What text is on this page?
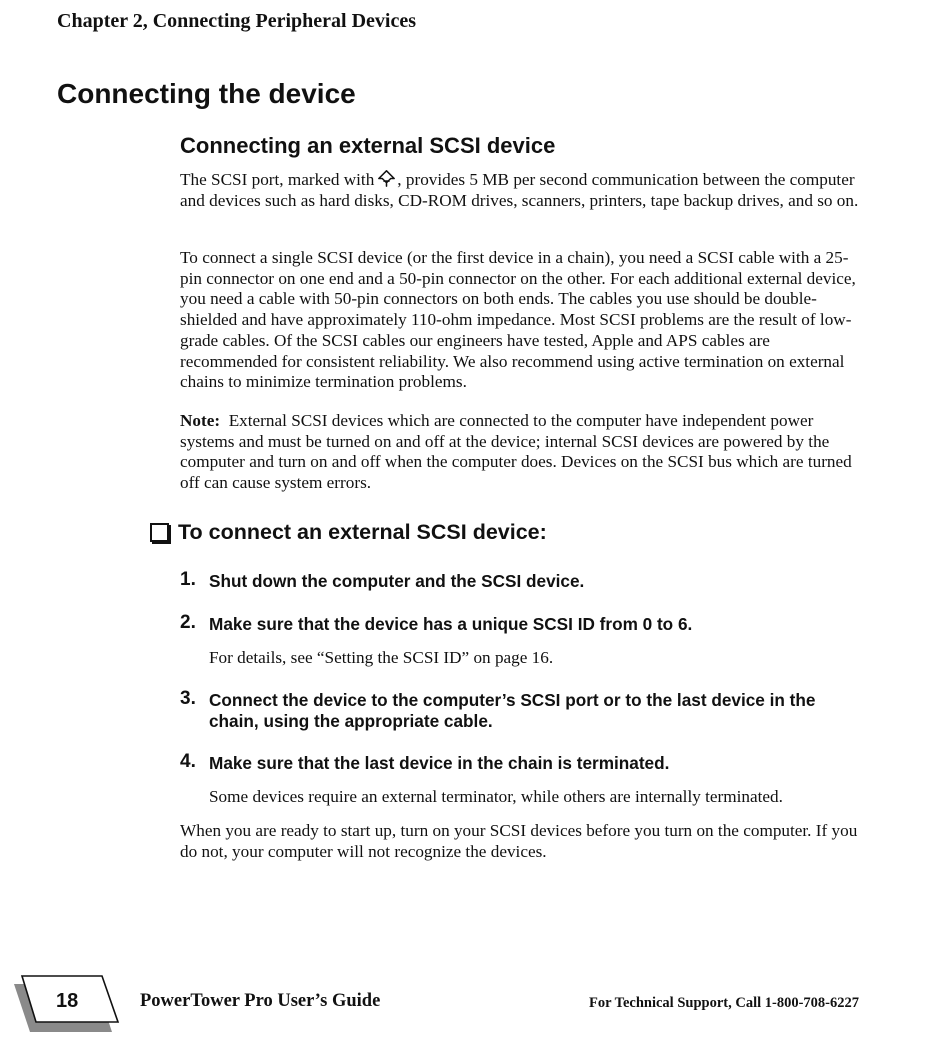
Chapter 2, Connecting Peripheral Devices
Connecting the device
Connecting an external SCSI device

The SCSI port, marked with , provides 5 MB per second communication between the computer and devices such as hard disks, CD-ROM drives, scanners, printers, tape backup drives, and so on.

To connect a single SCSI device (or the first device in a chain), you need a SCSI cable with a 25-pin connector on one end and a 50-pin connector on the other. For each additional external device, you need a cable with 50-pin connectors on both ends. The cables you use should be double-shielded and have approximately 110-ohm impedance. Most SCSI problems are the result of low-grade cables. Of the SCSI cables our engineers have tested, Apple and APS cables are recommended for consistent reliability. We also recommend using active termination on external chains to minimize termination problems.

Note: External SCSI devices which are connected to the computer have independent power systems and must be turned on and off at the device; internal SCSI devices are powered by the computer and turn on and off when the computer does. Devices on the SCSI bus which are turned off can cause system errors.

To connect an external SCSI device:
1. Shut down the computer and the SCSI device.
2. Make sure that the device has a unique SCSI ID from 0 to 6.
For details, see “Setting the SCSI ID” on page 16.
3. Connect the device to the computer’s SCSI port or to the last device in the chain, using the appropriate cable.
4. Make sure that the last device in the chain is terminated.
Some devices require an external terminator, while others are internally terminated.

When you are ready to start up, turn on your SCSI devices before you turn on the computer. If you do not, your computer will not recognize the devices.

18	PowerTower Pro User’s Guide	For Technical Support, Call 1-800-708-6227
